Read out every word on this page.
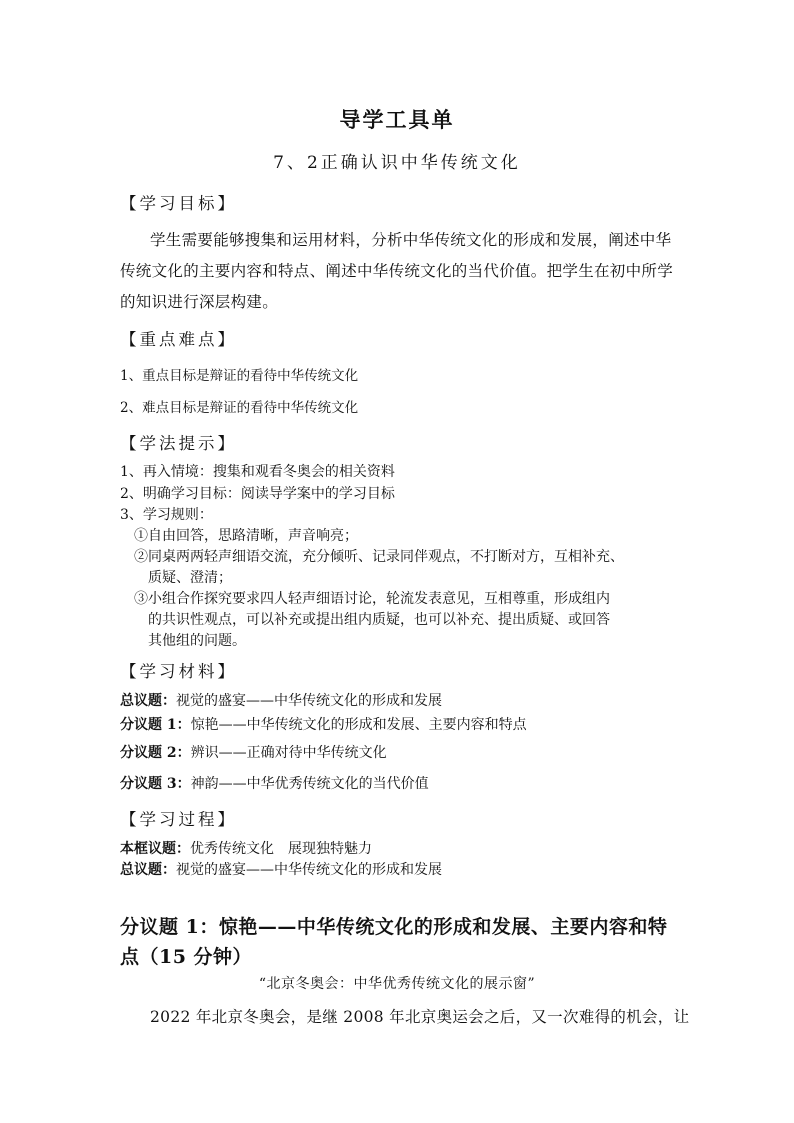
导学工具单
7、2正确认识中华传统文化
【学习目标】
学生需要能够搜集和运用材料，分析中华传统文化的形成和发展，阐述中华
传统文化的主要内容和特点、阐述中华传统文化的当代价值。把学生在初中所学
的知识进行深层构建。
【重点难点】
1、重点目标是辩证的看待中华传统文化
2、难点目标是辩证的看待中华传统文化
【学法提示】
1、再入情境：搜集和观看冬奥会的相关资料
2、明确学习目标：阅读导学案中的学习目标
3、学习规则：
①自由回答，思路清晰，声音响亮；
②同桌两两轻声细语交流，充分倾听、记录同伴观点，不打断对方，互相补充、
质疑、澄清；
③小组合作探究要求四人轻声细语讨论，轮流发表意见，互相尊重，形成组内
的共识性观点，可以补充或提出组内质疑，也可以补充、提出质疑、或回答
其他组的问题。
【学习材料】
总议题：视觉的盛宴——中华传统文化的形成和发展
分议题 1：惊艳——中华传统文化的形成和发展、主要内容和特点
分议题 2：辨识——正确对待中华传统文化
分议题 3：神韵——中华优秀传统文化的当代价值
【学习过程】
本框议题：优秀传统文化　展现独特魅力
总议题：视觉的盛宴——中华传统文化的形成和发展
分议题 1：惊艳——中华传统文化的形成和发展、主要内容和特
点（15 分钟）
“北京冬奥会：中华优秀传统文化的展示窗”
2022 年北京冬奥会，是继 2008 年北京奥运会之后，又一次难得的机会，让
